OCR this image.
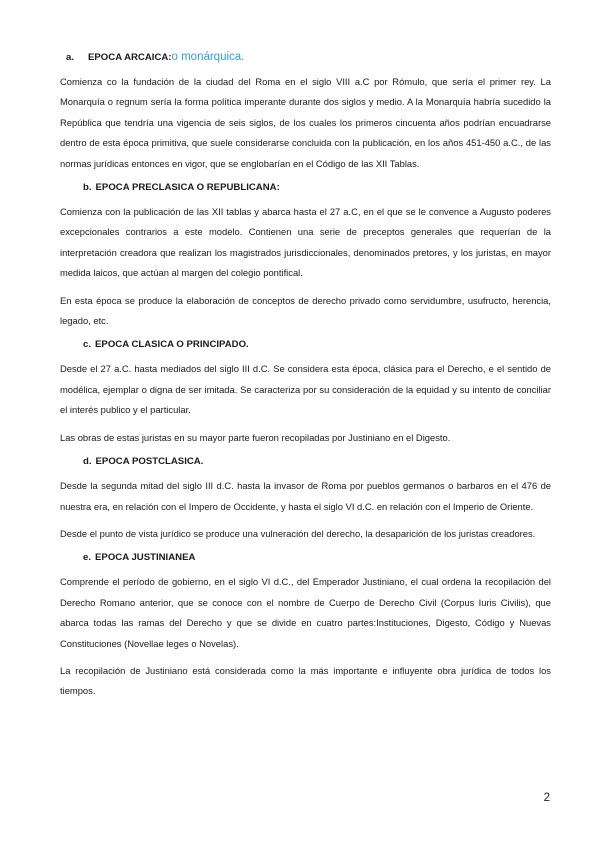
a. EPOCA ARCAICA:o monárquica.

Comienza co la fundación de la ciudad del Roma en el siglo VIII a.C por Rómulo, que sería el primer rey. La Monarquía o regnum sería la forma política imperante durante dos siglos y medio. A la Monarquía habría sucedido la República que tendría una vigencia de seis siglos, de los cuales los primeros cincuenta años podrían encuadrarse dentro de esta época primitiva, que suele considerarse concluida con la publicación, en los años 451-450 a.C., de las normas jurídicas entonces en vigor, que se englobarían en el Código de las XII Tablas.

b. EPOCA PRECLASICA O REPUBLICANA:

Comienza con la publicación de las XII tablas y abarca hasta el 27 a.C, en el que se le convence a Augusto poderes excepcionales contrarios a este modelo. Contienen una serie de preceptos generales que requerían de la interpretación creadora que realizan los magistrados jurisdiccionales, denominados pretores, y los juristas, en mayor medida laicos, que actúan al margen del colegio pontifical.

En esta época se produce la elaboración de conceptos de derecho privado como servidumbre, usufructo, herencia, legado, etc.

c. EPOCA CLASICA O PRINCIPADO.

Desde el 27 a.C. hasta mediados del siglo III d.C. Se considera esta época, clásica para el Derecho, e el sentido de modélica, ejemplar o digna de ser imitada. Se caracteriza por su consideración de la equidad y su intento de conciliar el interés publico y el particular.

Las obras de estas juristas en su mayor parte fueron recopiladas por Justiniano en el Digesto.

d. EPOCA POSTCLASICA.

Desde la segunda mitad del siglo III d.C. hasta la invasor de Roma por pueblos germanos o barbaros en el 476 de nuestra era, en relación con el Impero de Occidente, y hasta el siglo VI d.C. en relación con el Imperio de Oriente.

Desde el punto de vista jurídico se produce una vulneración del derecho, la desaparición de los juristas creadores.

e. EPOCA JUSTINIANEA

Comprende el período de gobierno, en el siglo VI d.C., del Emperador Justiniano, el cual ordena la recopilación del Derecho Romano anterior, que se conoce con el nombre de Cuerpo de Derecho Civil (Corpus Iuris Civilis), que abarca todas las ramas del Derecho y que se divide en cuatro partes:Instituciones, Digesto, Código y Nuevas Constituciones (Novellae leges o Novelas).

La recopilación de Justiniano está considerada como la más importante e influyente obra jurídica de todos los tiempos.

2
